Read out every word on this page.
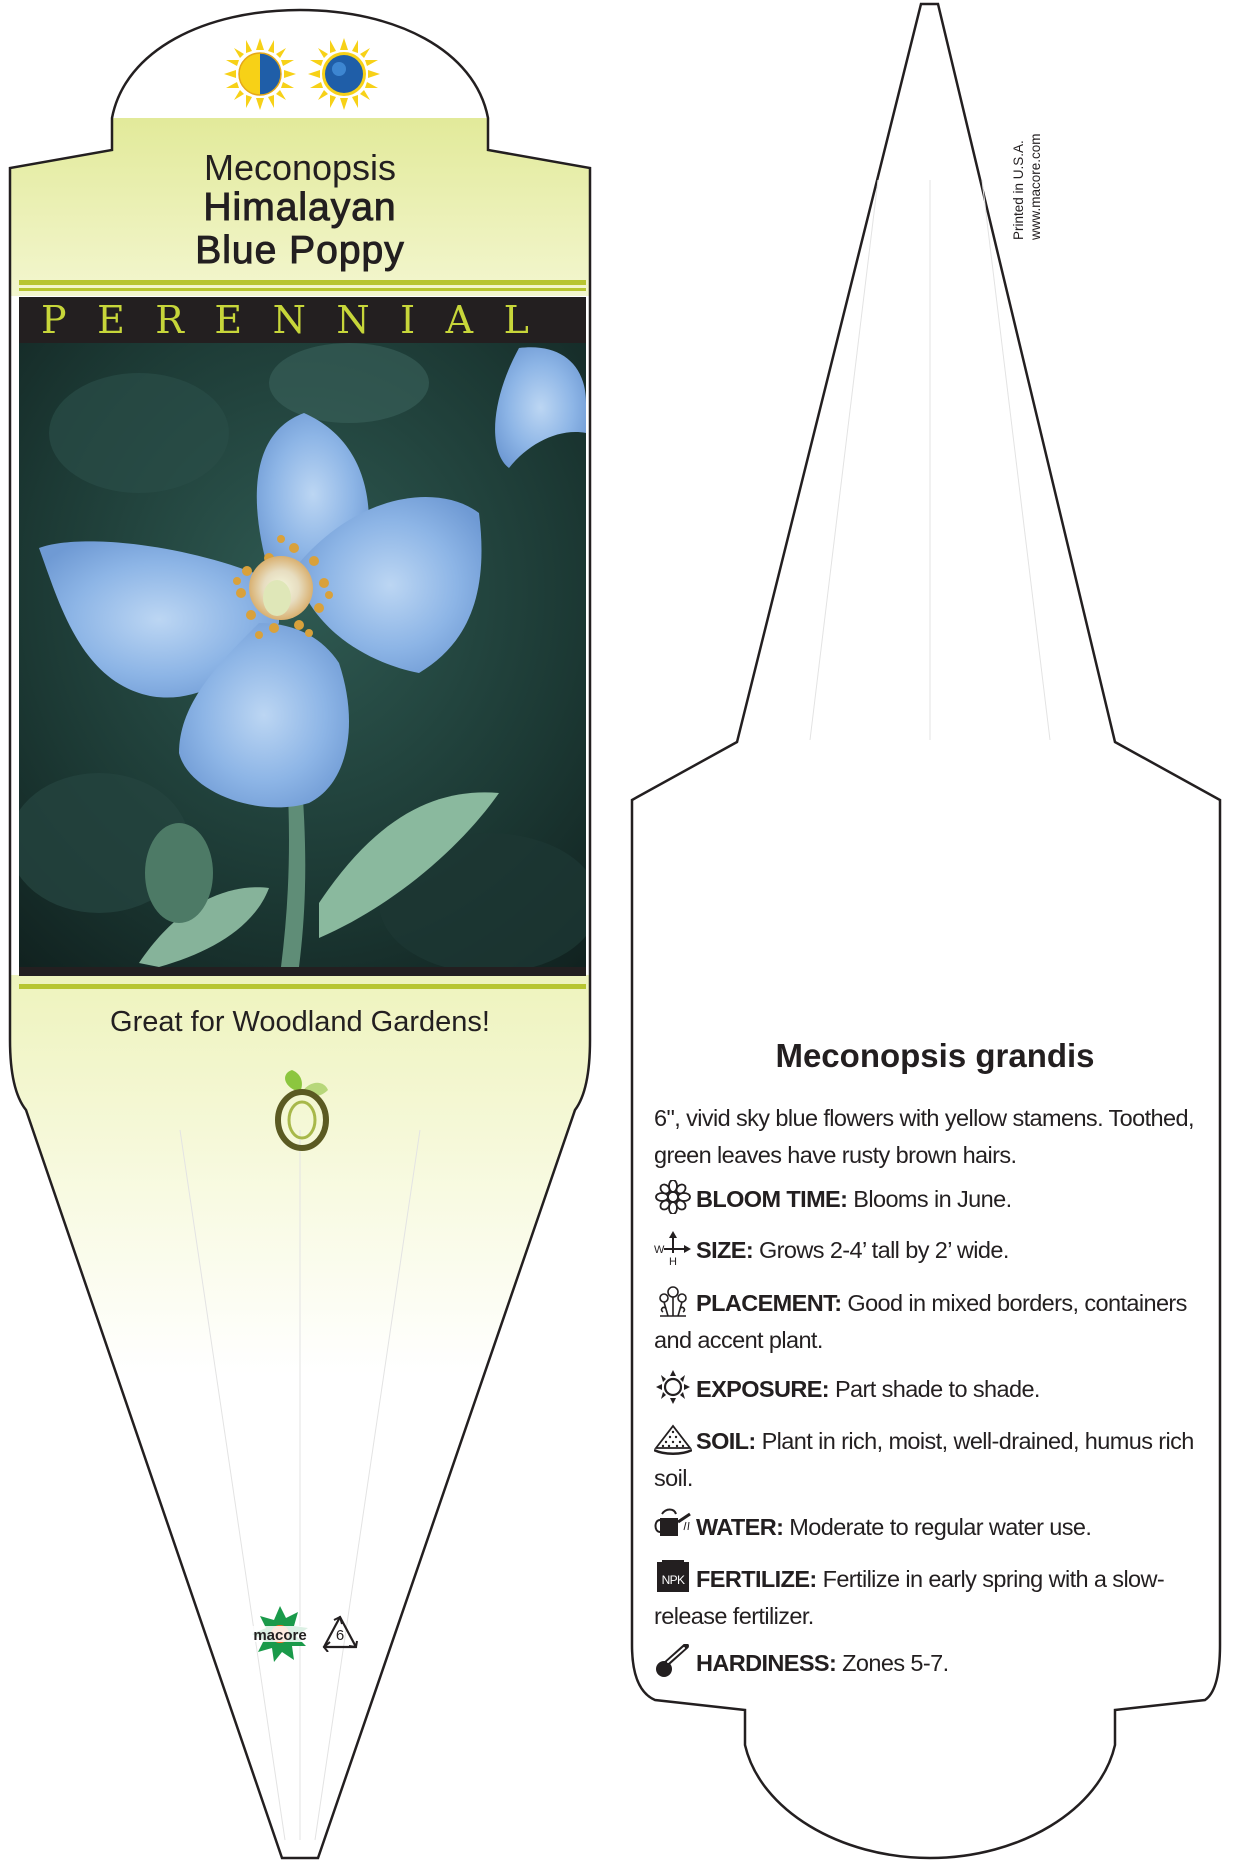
Meconopsis
Himalayan
Blue Poppy
PERENNIAL
Great for Woodland Gardens!
macore	6
Printed in U.S.A. www.macore.com
Meconopsis grandis
6", vivid sky blue flowers with yellow stamens. Toothed, green leaves have rusty brown hairs.
BLOOM TIME: Blooms in June.
W
H SIZE: Grows 2-4’ tall by 2’ wide.
PLACEMENT: Good in mixed borders, containers and accent plant.
EXPOSURE: Part shade to shade.
SOIL: Plant in rich, moist, well-drained, humus rich soil.
WATER: Moderate to regular water use.
NPK FERTILIZE: Fertilize in early spring with a slow-release fertilizer.
HARDINESS: Zones 5-7.
